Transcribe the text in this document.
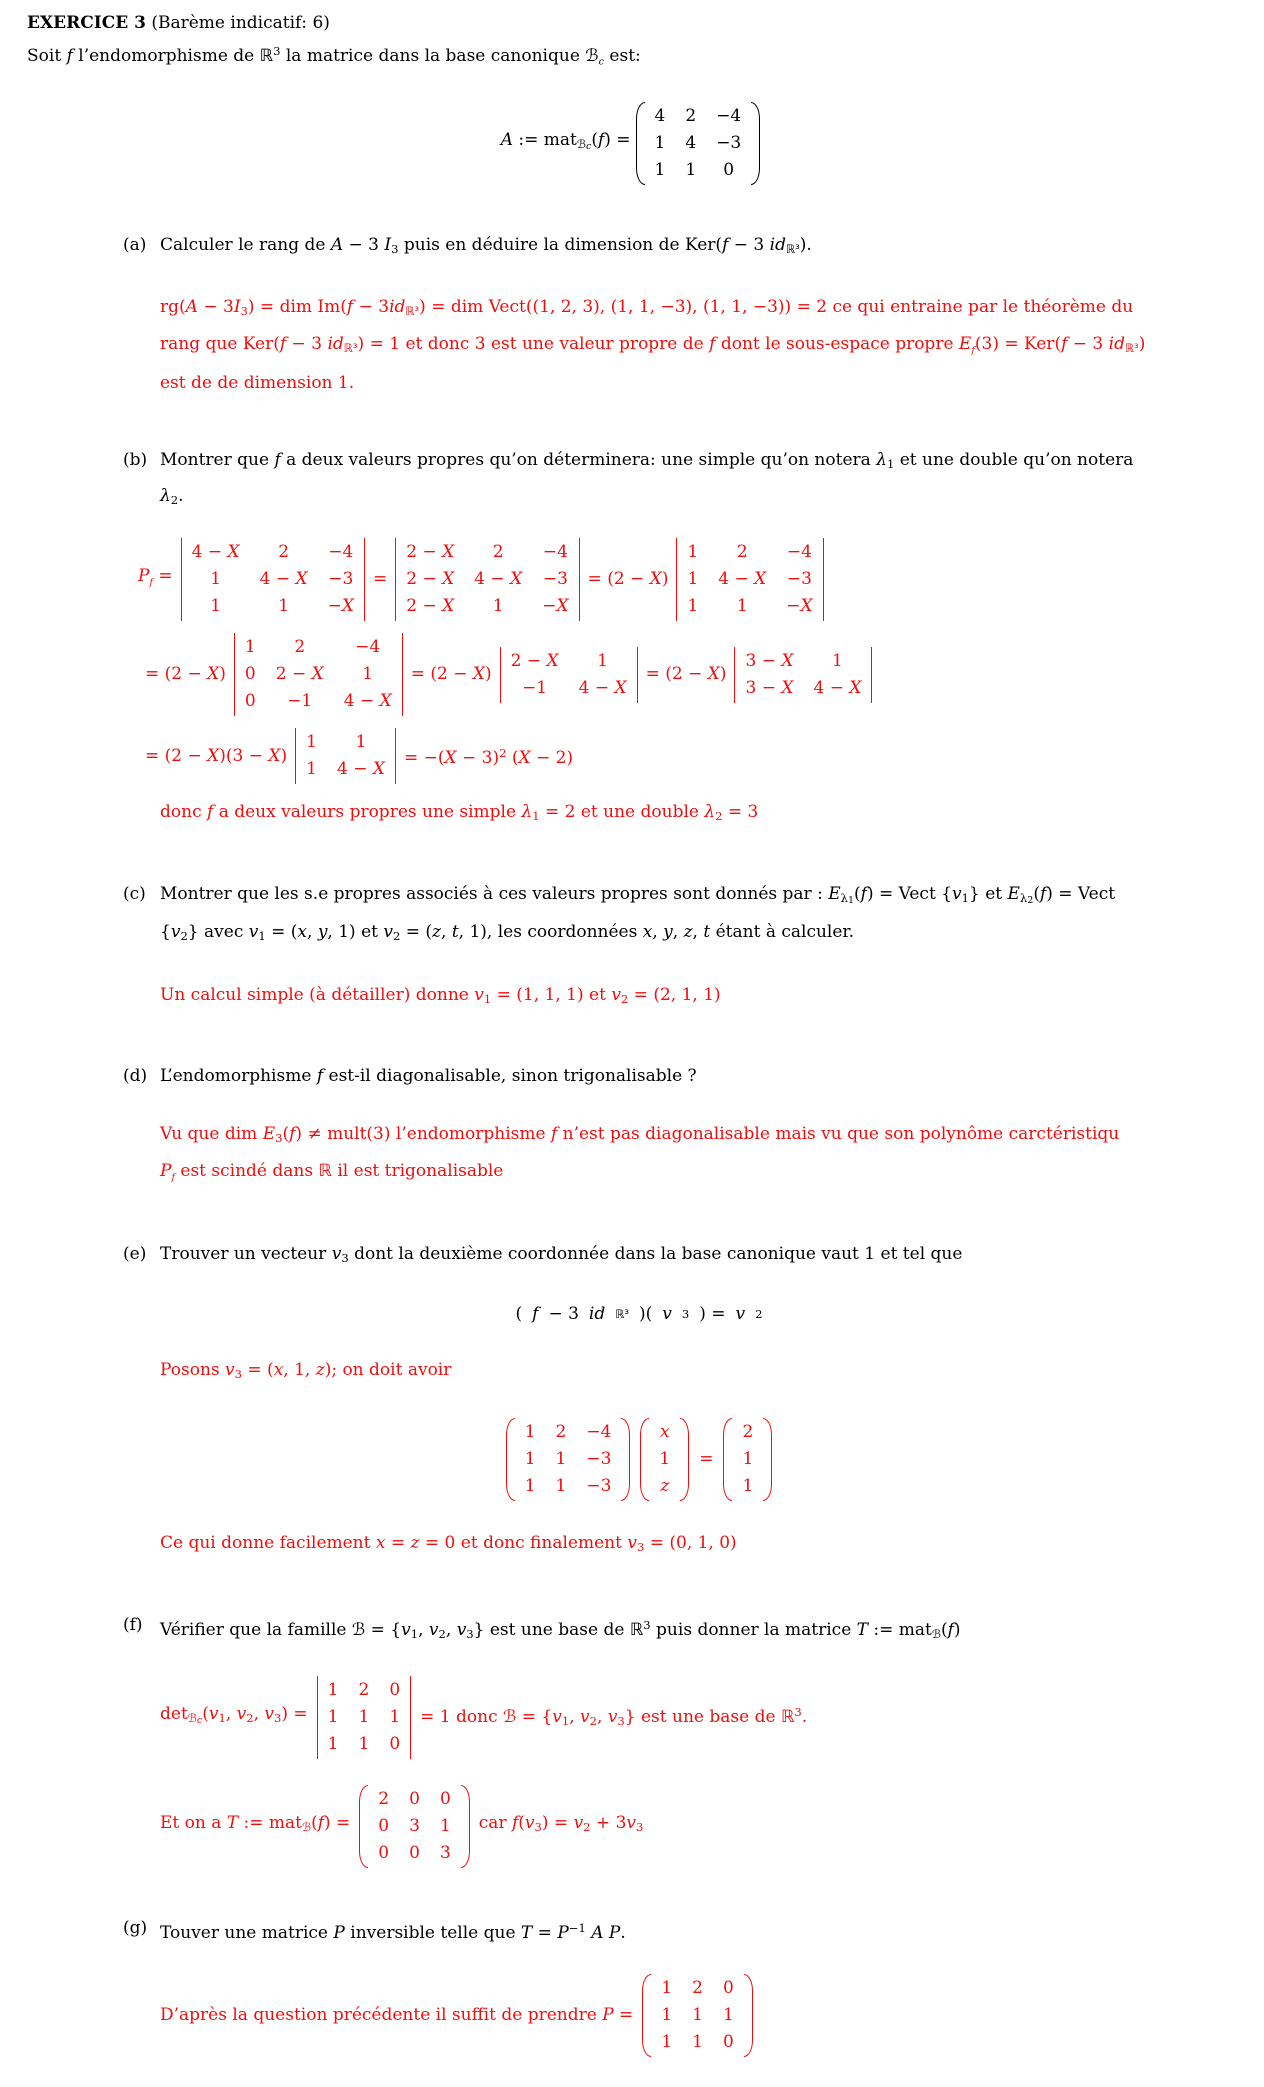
EXERCICE 3 (Barème indicatif: 6)

Soit f l’endomorphisme de ℝ$^3$ la matrice dans la base canonique ℬ$_c$ est:

A := matℬ$_c$(f) =
4 2 −4
1 4 −3
1 1 0
(a) Calculer le rang de A − 3 I3 puis en déduire la dimension de Ker(f − 3 idℝ³).
rg(A − 3I3) = dim Im(f − 3idℝ³) = dim Vect((1, 2, 3), (1, 1, −3), (1, 1, −3)) = 2 ce qui entraine par le théorème du rang que Ker(f − 3 idℝ³) = 1 et donc 3 est une valeur propre de f dont le sous-espace propre $E_f(3) = Ker(f - 3$ idℝ³) est de de dimension 1.
(b) Montrer que f a deux valeurs propres qu’on déterminera: une simple qu’on notera λ1 et une double qu’on notera λ2.
$P_f$ =
4 − X 2 −4
1 4 − X −3
1	1 −X
=
2 − X 2 −4
2 − X 4 − X −3
2 − X 1 −X
= (2 − X)
1 2 −4
1 4 − X −3
1 1 −X
= (2 − X)
1 2	−4
0 2 − X 1
0 −1 4 − X
= (2 − X)
2 − X 1
−1 4 − X
= (2 − X)
3 − X 1
3 − X 4 − X
= (2 − X)(3 − X)
1 1
1 4 − X
= $-(X - 3)^2$ (X − 2)
donc f a deux valeurs propres une simple λ1 = 2 et une double λ2 = 3
(c) Montrer que les s.e propres associés à ces valeurs propres sont donnés par : $E\lambda_1(f)$ = Vect {v1} et $E\lambda_2(f)$ = Vect {v2} avec v1 = (x, y, 1) et v2 = (z, t, 1), les coordonnées x, y, z, t étant à calculer.
Un calcul simple (à détailler) donne v1 = (1, 1, 1) et v2 = (2, 1, 1)
(d) L’endomorphisme f est-il diagonalisable, sinon trigonalisable ?
Vu que dim E3(f) ≠ mult(3) l’endomorphisme f n’est pas diagonalisable mais vu que son polynôme carctéristiqu
$P_f$ est scindé dans ℝ il est trigonalisable
(e) Trouver un vecteur v3 dont la deuxième coordonnée dans la base canonique vaut 1 et tel que
( f − 3 id ℝ³ )( v 3 ) = v 2
Posons v3 = (x, 1, z); on doit avoir
1 2 −4
1 1 −3
1 1 −3
x
1
z
=
2
1
1
Ce qui donne facilement x = z = 0 et donc finalement v3 = (0, 1, 0)
(f)	Vérifier que la famille ℬ = {v1, v2, v3} est une base de ℝ$^3$ puis donner la matrice T := matℬ(f)
detℬ$_c$(v1, v2, v3) =
1 2 0
1 1 1
1 1 0
= 1 donc ℬ = {v1, v2, v3} est une base de ℝ$^3$.
Et on a T := matℬ(f) =
2 0 0
0 3 1
0 0 3
car f(v3) = v2 + 3v3
(g) Touver une matrice P inversible telle que $T = P^{-1}$ A P.
D’après la question précédente il suffit de prendre P =
1 2 0
1 1 1
1 1 0
